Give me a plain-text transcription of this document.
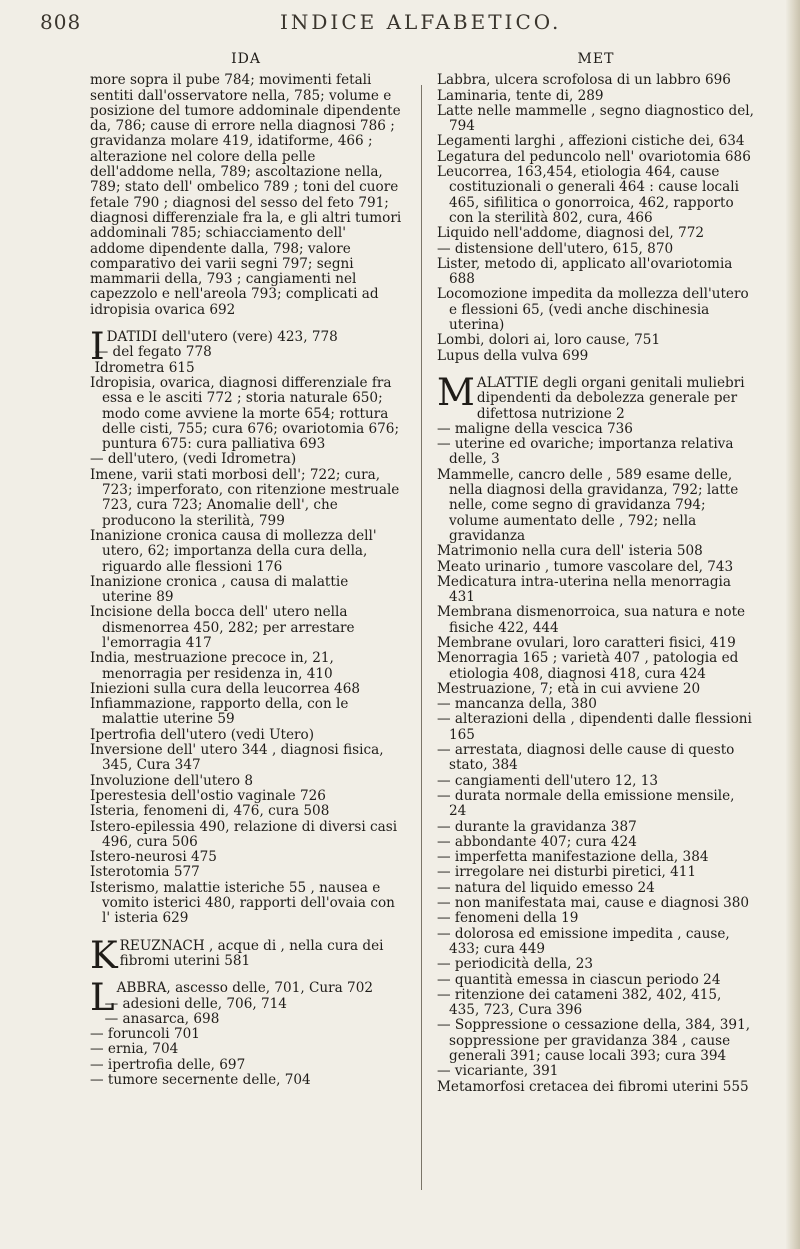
808	INDICE ALFABETICO.
IDA

more sopra il pube 784; movimenti fetali sentiti dall'osservatore nella, 785; volume e posizione del tumore addominale dipendente da, 786; cause di errore nella diagnosi 786 ; gravidanza molare 419, idatiforme, 466 ; alterazione nel colore della pelle dell'addome nella, 789; ascoltazione nella, 789; stato dell' ombelico 789 ; toni del cuore fetale 790 ; diagnosi del sesso del feto 791; diagnosi differenziale fra la, e gli altri tumori addominali 785; schiacciamento dell' addome dipendente dalla, 798; valore comparativo dei varii segni 797; segni mammarii della, 793 ; cangiamenti nel capezzolo e nell'areola 793; complicati ad idropisia ovarica 692

I DATIDI dell'utero (vere) 423, 778

— del fegato 778

Idrometra 615

Idropisia, ovarica, diagnosi differenziale fra essa e le asciti 772 ; storia naturale 650; modo come avviene la morte 654; rottura delle cisti, 755; cura 676; ovariotomia 676; puntura 675: cura palliativa 693

— dell'utero, (vedi Idrometra)

Imene, varii stati morbosi dell'; 722; cura, 723; imperforato, con ritenzione mestruale 723, cura 723; Anomalie dell', che producono la sterilità, 799

Inanizione cronica causa di mollezza dell' utero, 62; importanza della cura della, riguardo alle flessioni 176

Inanizione cronica , causa di malattie uterine 89

Incisione della bocca dell' utero nella dismenorrea 450, 282; per arrestare l'emorragia 417

India, mestruazione precoce in, 21, menorragia per residenza in, 410

Iniezioni sulla cura della leucorrea 468

Infiammazione, rapporto della, con le malattie uterine 59

Ipertrofia dell'utero (vedi Utero)

Inversione dell' utero 344 , diagnosi fisica, 345, Cura 347

Involuzione dell'utero 8

Iperestesia dell'ostio vaginale 726

Isteria, fenomeni di, 476, cura 508

Istero-epilessia 490, relazione di diversi casi 496, cura 506

Istero-neurosi 475

Isterotomia 577

Isterismo, malattie isteriche 55 , nausea e vomito isterici 480, rapporti dell'ovaia con l' isteria 629

K REUZNACH , acque di , nella cura dei fibromi uterini 581

L ABBRA, ascesso delle, 701, Cura 702

— adesioni delle, 706, 714

— anasarca, 698

— foruncoli 701

— ernia, 704

— ipertrofia delle, 697

— tumore secernente delle, 704

MET

Labbra, ulcera scrofolosa di un labbro 696

Laminaria, tente di, 289

Latte nelle mammelle , segno diagnostico del, 794

Legamenti larghi , affezioni cistiche dei, 634

Legatura del peduncolo nell' ovariotomia 686

Leucorrea, 163,454, etiologia 464, cause costituzionali o generali 464 : cause locali 465, sifilitica o gonorroica, 462, rapporto con la sterilità 802, cura, 466

Liquido nell'addome, diagnosi del, 772

— distensione dell'utero, 615, 870

Lister, metodo di, applicato all'ovariotomia 688

Locomozione impedita da mollezza dell'utero e flessioni 65, (vedi anche dischinesia uterina)

Lombi, dolori ai, loro cause, 751

Lupus della vulva 699

M ALATTIE degli organi genitali muliebri dipendenti da debolezza generale per difettosa nutrizione 2

— maligne della vescica 736

— uterine ed ovariche; importanza relativa delle, 3

Mammelle, cancro delle , 589 esame delle, nella diagnosi della gravidanza, 792; latte nelle, come segno di gravidanza 794; volume aumentato delle , 792; nella gravidanza

Matrimonio nella cura dell' isteria 508

Meato urinario , tumore vascolare del, 743

Medicatura intra-uterina nella menorragia 431

Membrana dismenorroica, sua natura e note fisiche 422, 444

Membrane ovulari, loro caratteri fisici, 419

Menorragia 165 ; varietà 407 , patologia ed etiologia 408, diagnosi 418, cura 424

Mestruazione, 7; età in cui avviene 20

— mancanza della, 380

— alterazioni della , dipendenti dalle flessioni 165

— arrestata, diagnosi delle cause di questo stato, 384

— cangiamenti dell'utero 12, 13

— durata normale della emissione mensile, 24

— durante la gravidanza 387

— abbondante 407; cura 424

— imperfetta manifestazione della, 384

— irregolare nei disturbi piretici, 411

— natura del liquido emesso 24

— non manifestata mai, cause e diagnosi 380

— fenomeni della 19

— dolorosa ed emissione impedita , cause, 433; cura 449

— periodicità della, 23

— quantità emessa in ciascun periodo 24

— ritenzione dei catameni 382, 402, 415, 435, 723, Cura 396

— Soppressione o cessazione della, 384, 391, soppressione per gravidanza 384 , cause generali 391; cause locali 393; cura 394

— vicariante, 391

Metamorfosi cretacea dei fibromi uterini 555
